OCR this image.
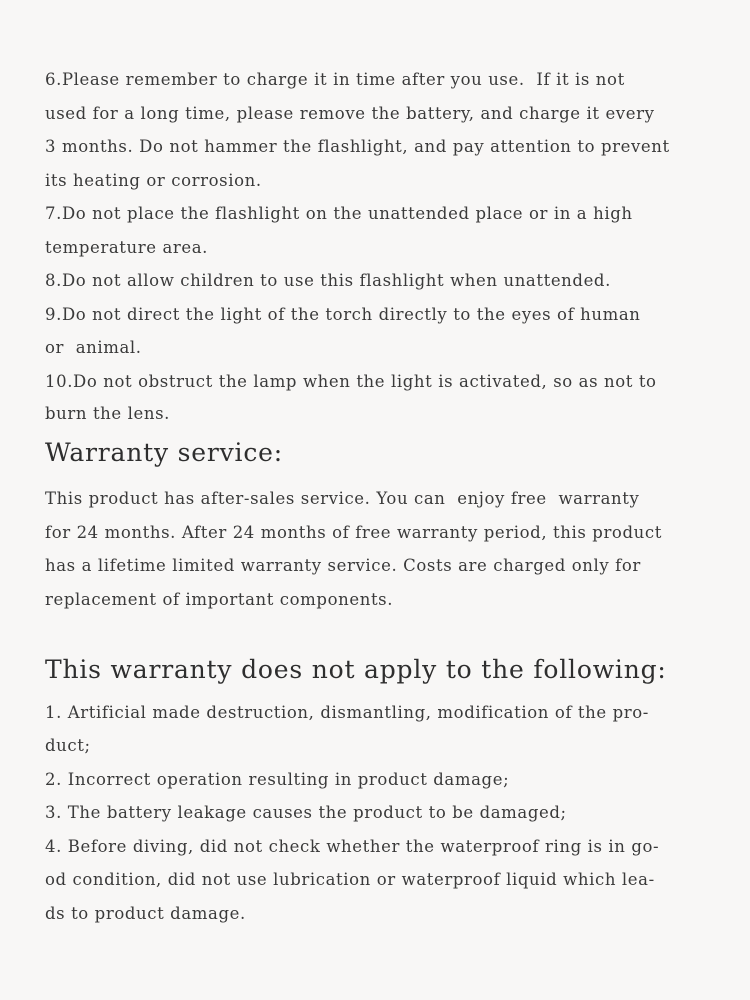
6.Please remember to charge it in time after you use.  If it is not
used for a long time, please remove the battery, and charge it every
3 months. Do not hammer the flashlight, and pay attention to prevent
its heating or corrosion.
7.Do not place the flashlight on the unattended place or in a high
temperature area.
8.Do not allow children to use this flashlight when unattended.
9.Do not direct the light of the torch directly to the eyes of human
or  animal.
10.Do not obstruct the lamp when the light is activated, so as not to
burn the lens.
Warranty service:
This product has after-sales service. You can  enjoy free  warranty
for 24 months. After 24 months of free warranty period, this product
has a lifetime limited warranty service. Costs are charged only for
replacement of important components.
This warranty does not apply to the following:
1. Artificial made destruction, dismantling, modification of the pro-
duct;
2. Incorrect operation resulting in product damage;
3. The battery leakage causes the product to be damaged;
4. Before diving, did not check whether the waterproof ring is in go-
od condition, did not use lubrication or waterproof liquid which lea-
ds to product damage.
